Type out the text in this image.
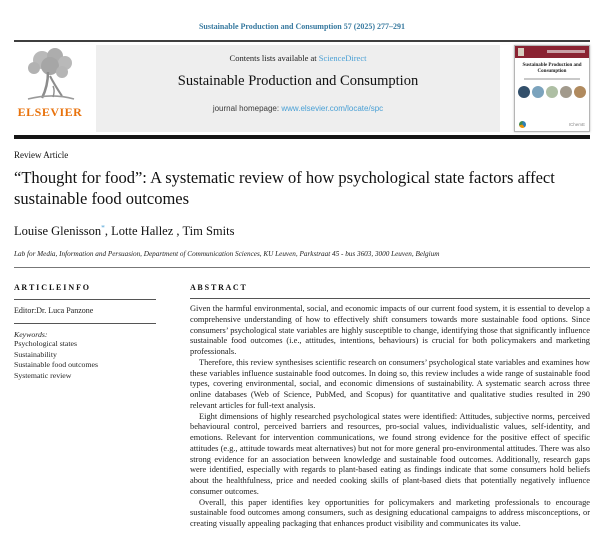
Sustainable Production and Consumption 57 (2025) 277–291
ELSEVIER
Contents lists available at ScienceDirect
Sustainable Production and Consumption
journal homepage: www.elsevier.com/locate/spc
Sustainable Production and Consumption
IChemE
Review Article
“Thought for food”: A systematic review of how psychological state factors affect sustainable food outcomes
Louise Glenisson*, Lotte Hallez , Tim Smits
Lab for Media, Information and Persuasion, Department of Communication Sciences, KU Leuven, Parkstraat 45 - bus 3603, 3000 Leuven, Belgium
A R T I C L E I N F O
Editor:Dr. Luca Panzone
Keywords:
Psychological states
Sustainability
Sustainable food outcomes
Systematic review
A B S T R A C T

Given the harmful environmental, social, and economic impacts of our current food system, it is essential to develop a comprehensive understanding of how to effectively shift consumers towards more sustainable food options. Since consumers’ psychological state variables are highly susceptible to change, identifying those that significantly influence sustainable food outcomes (i.e., attitudes, intentions, behaviours) is crucial for both policymakers and marketing professionals.

Therefore, this review synthesises scientific research on consumers’ psychological state variables and examines how these variables influence sustainable food outcomes. In doing so, this review includes a wide range of sustainable food types, covering environmental, social, and economic dimensions of sustainability. A systematic search across three online databases (Web of Science, PubMed, and Scopus) for quantitative and qualitative studies resulted in 290 relevant articles for full-text analysis.

Eight dimensions of highly researched psychological states were identified: Attitudes, subjective norms, perceived behavioural control, perceived barriers and resources, pro-social values, individualistic values, self-identity, and emotions. Relevant for intervention communications, we found strong evidence for the positive effect of specific attitudes (e.g., attitude towards meat alternatives) but not for more general pro-environmental attitudes. There was also strong evidence for an association between knowledge and sustainable food outcomes. Additionally, research gaps were identified, especially with regards to plant-based eating as findings indicate that some consumers hold beliefs about the healthfulness, price and needed cooking skills of plant-based diets that potentially negatively influence consumer outcomes.

Overall, this paper identifies key opportunities for policymakers and marketing professionals to encourage sustainable food outcomes among consumers, such as designing educational campaigns to address misconceptions, or creating visually appealing packaging that enhances product visibility and communicates its value.
